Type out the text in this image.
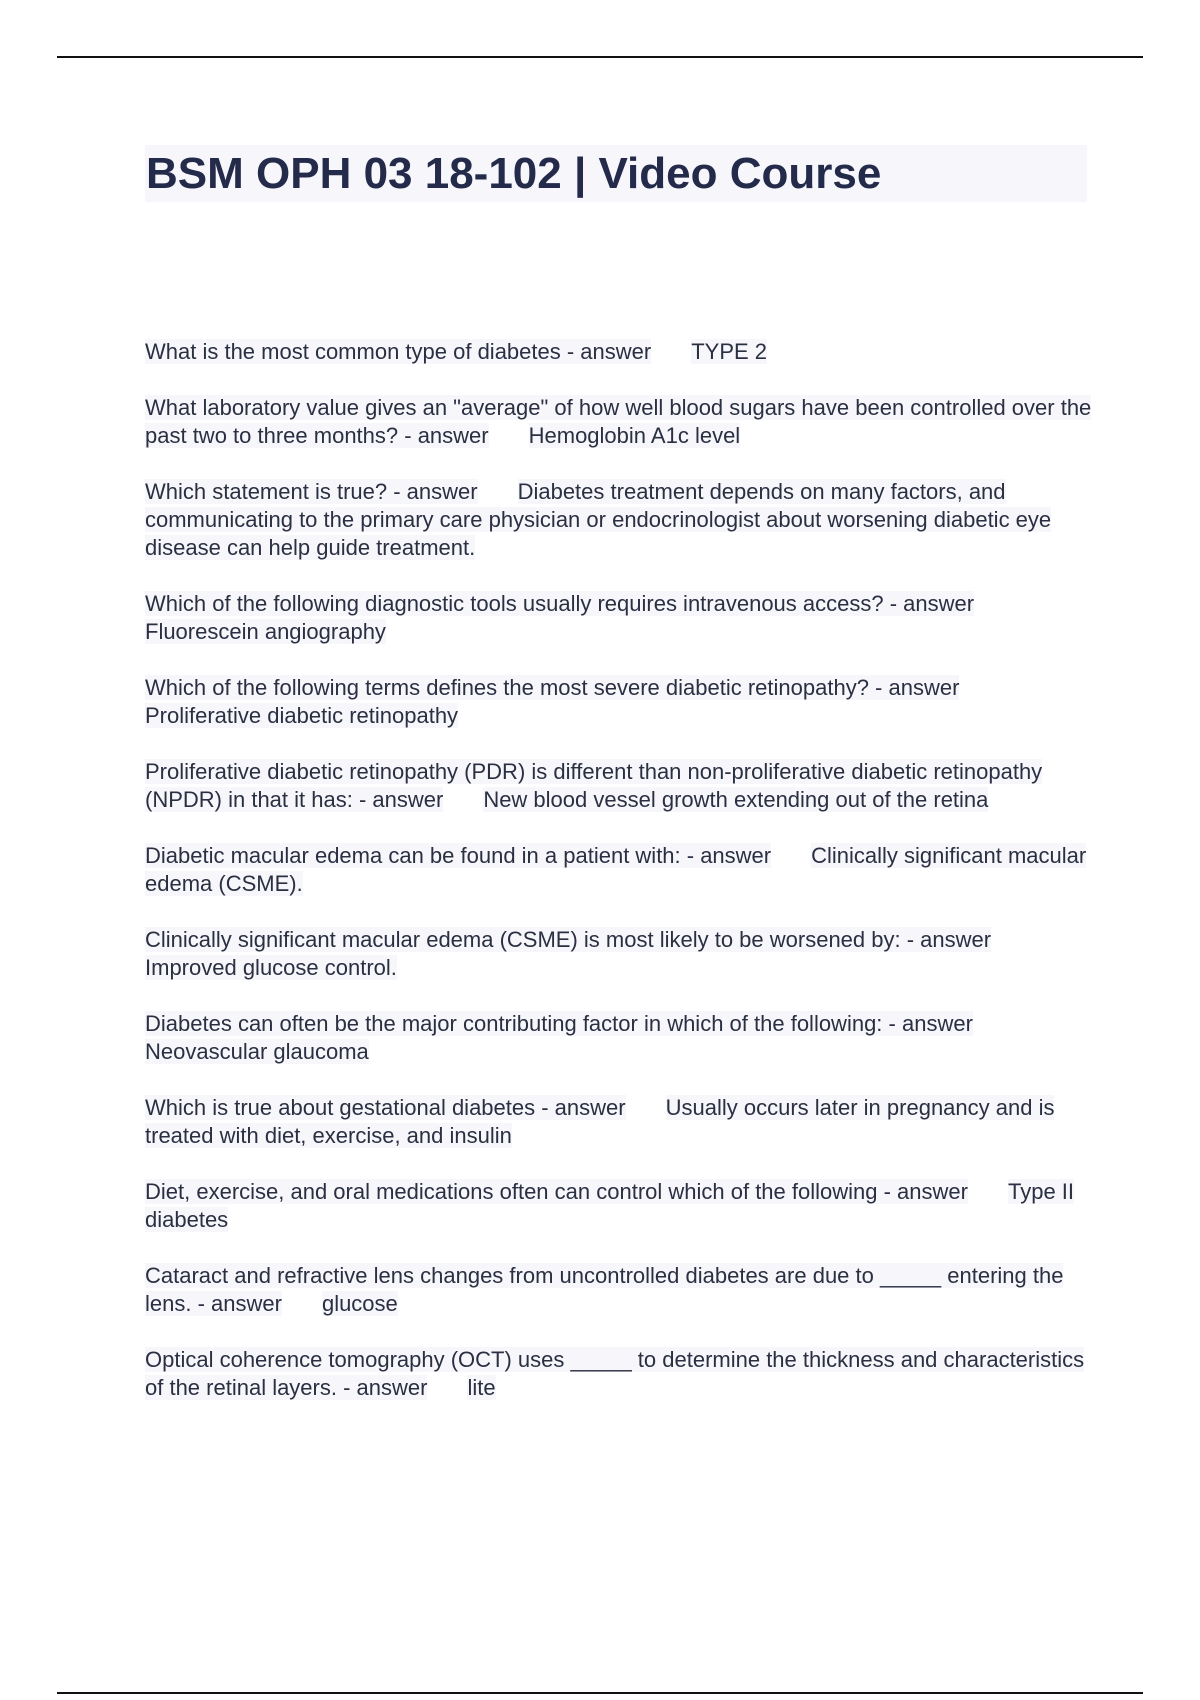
BSM OPH 03 18-102 | Video Course

What is the most common type of diabetes - answer TYPE 2

What laboratory value gives an "average" of how well blood sugars have been controlled over the past two to three months? - answer Hemoglobin A1c level

Which statement is true? - answer Diabetes treatment depends on many factors, and communicating to the primary care physician or endocrinologist about worsening diabetic eye disease can help guide treatment.

Which of the following diagnostic tools usually requires intravenous access? - answerFluorescein angiography

Which of the following terms defines the most severe diabetic retinopathy? - answerProliferative diabetic retinopathy

Proliferative diabetic retinopathy (PDR) is different than non-proliferative diabetic retinopathy (NPDR) in that it has: - answer New blood vessel growth extending out of the retina

Diabetic macular edema can be found in a patient with: - answer Clinically significant macular edema (CSME).

Clinically significant macular edema (CSME) is most likely to be worsened by: - answerImproved glucose control.

Diabetes can often be the major contributing factor in which of the following: - answerNeovascular glaucoma

Which is true about gestational diabetes - answer Usually occurs later in pregnancy and is treated with diet, exercise, and insulin

Diet, exercise, and oral medications often can control which of the following - answer Type II diabetes

Cataract and refractive lens changes from uncontrolled diabetes are due to _____ entering the lens. - answer glucose

Optical coherence tomography (OCT) uses _____ to determine the thickness and characteristics of the retinal layers. - answer lite
